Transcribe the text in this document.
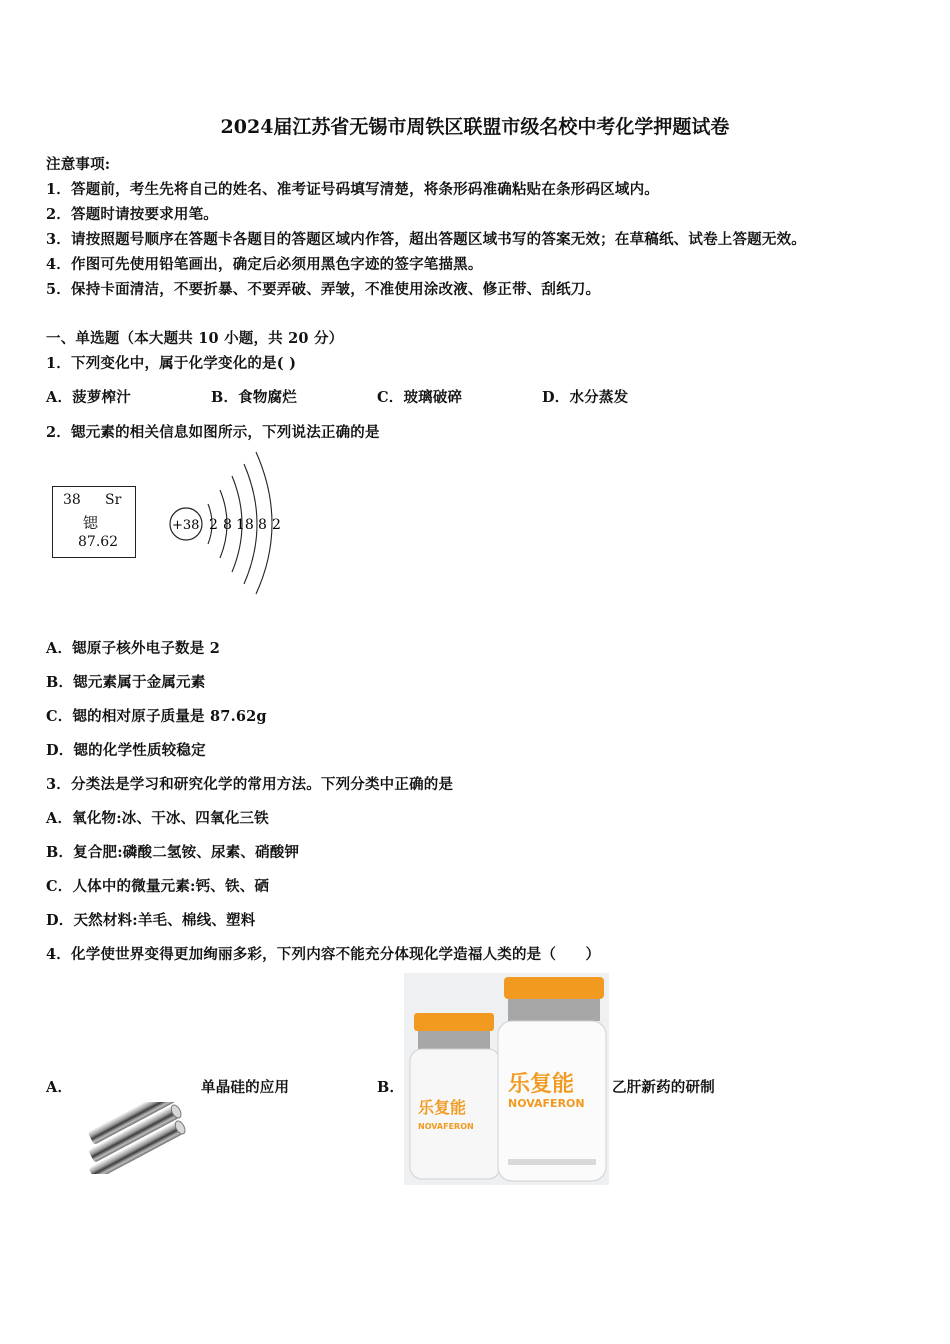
2024届江苏省无锡市周铁区联盟市级名校中考化学押题试卷
注意事项:
1．答题前，考生先将自己的姓名、准考证号码填写清楚，将条形码准确粘贴在条形码区域内。
2．答题时请按要求用笔。
3．请按照题号顺序在答题卡各题目的答题区域内作答，超出答题区域书写的答案无效；在草稿纸、试卷上答题无效。
4．作图可先使用铅笔画出，确定后必须用黑色字迹的签字笔描黑。
5．保持卡面清洁，不要折暴、不要弄破、弄皱，不准使用涂改液、修正带、刮纸刀。
一、单选题（本大题共 10 小题，共 20 分）
1．下列变化中，属于化学变化的是( )
A．菠萝榨汁	B．食物腐烂	C．玻璃破碎	D．水分蒸发
2．锶元素的相关信息如图所示，下列说法正确的是
38 Sr
锶
87.62
+38 2 8 18 8 2
A．锶原子核外电子数是 2
B．锶元素属于金属元素
C．锶的相对原子质量是 87.62g
D．锶的化学性质较稳定
3．分类法是学习和研究化学的常用方法。下列分类中正确的是
A．氧化物:冰、干冰、四氧化三铁
B．复合肥:磷酸二氢铵、尿素、硝酸钾
C．人体中的微量元素:钙、铁、硒
D．天然材料:羊毛、棉线、塑料
4．化学使世界变得更加绚丽多彩，下列内容不能充分体现化学造福人类的是（　　）
A．	单晶硅的应用	B．
乐复能
NOVAFERON
乐复能
NOVAFERON
乙肝新药的研制
